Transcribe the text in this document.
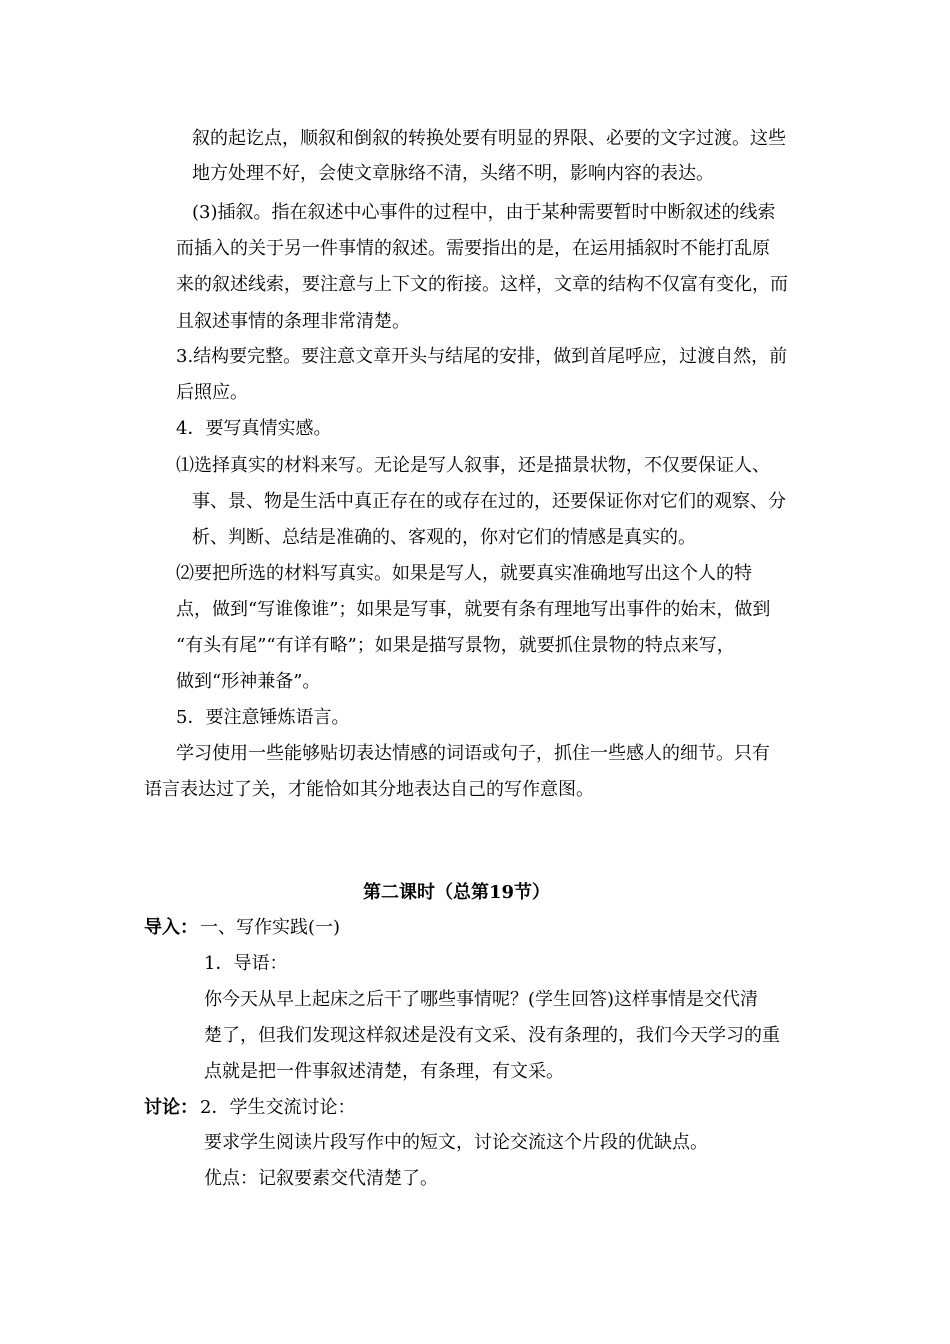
叙的起讫点，顺叙和倒叙的转换处要有明显的界限、必要的文字过渡。这些
地方处理不好，会使文章脉络不清，头绪不明，影响内容的表达。
(3)插叙。指在叙述中心事件的过程中，由于某种需要暂时中断叙述的线索
而插入的关于另一件事情的叙述。需要指出的是，在运用插叙时不能打乱原
来的叙述线索，要注意与上下文的衔接。这样，文章的结构不仅富有变化，而
且叙述事情的条理非常清楚。
3.结构要完整。要注意文章开头与结尾的安排，做到首尾呼应，过渡自然，前
后照应。
4．要写真情实感。
⑴选择真实的材料来写。无论是写人叙事，还是描景状物，不仅要保证人、
事、景、物是生活中真正存在的或存在过的，还要保证你对它们的观察、分
析、判断、总结是准确的、客观的，你对它们的情感是真实的。
⑵要把所选的材料写真实。如果是写人，就要真实准确地写出这个人的特
点，做到“写谁像谁”；如果是写事，就要有条有理地写出事件的始末，做到
“有头有尾”“有详有略”；如果是描写景物，就要抓住景物的特点来写，
做到“形神兼备”。
5．要注意锤炼语言。
学习使用一些能够贴切表达情感的词语或句子，抓住一些感人的细节。只有
语言表达过了关，才能恰如其分地表达自己的写作意图。
第二课时（总第19节）
导入： 一、写作实践(一)
1．导语：
你今天从早上起床之后干了哪些事情呢？(学生回答)这样事情是交代清
楚了，但我们发现这样叙述是没有文采、没有条理的，我们今天学习的重
点就是把一件事叙述清楚，有条理，有文采。
讨论： 2．学生交流讨论：
要求学生阅读片段写作中的短文，讨论交流这个片段的优缺点。
优点：记叙要素交代清楚了。
